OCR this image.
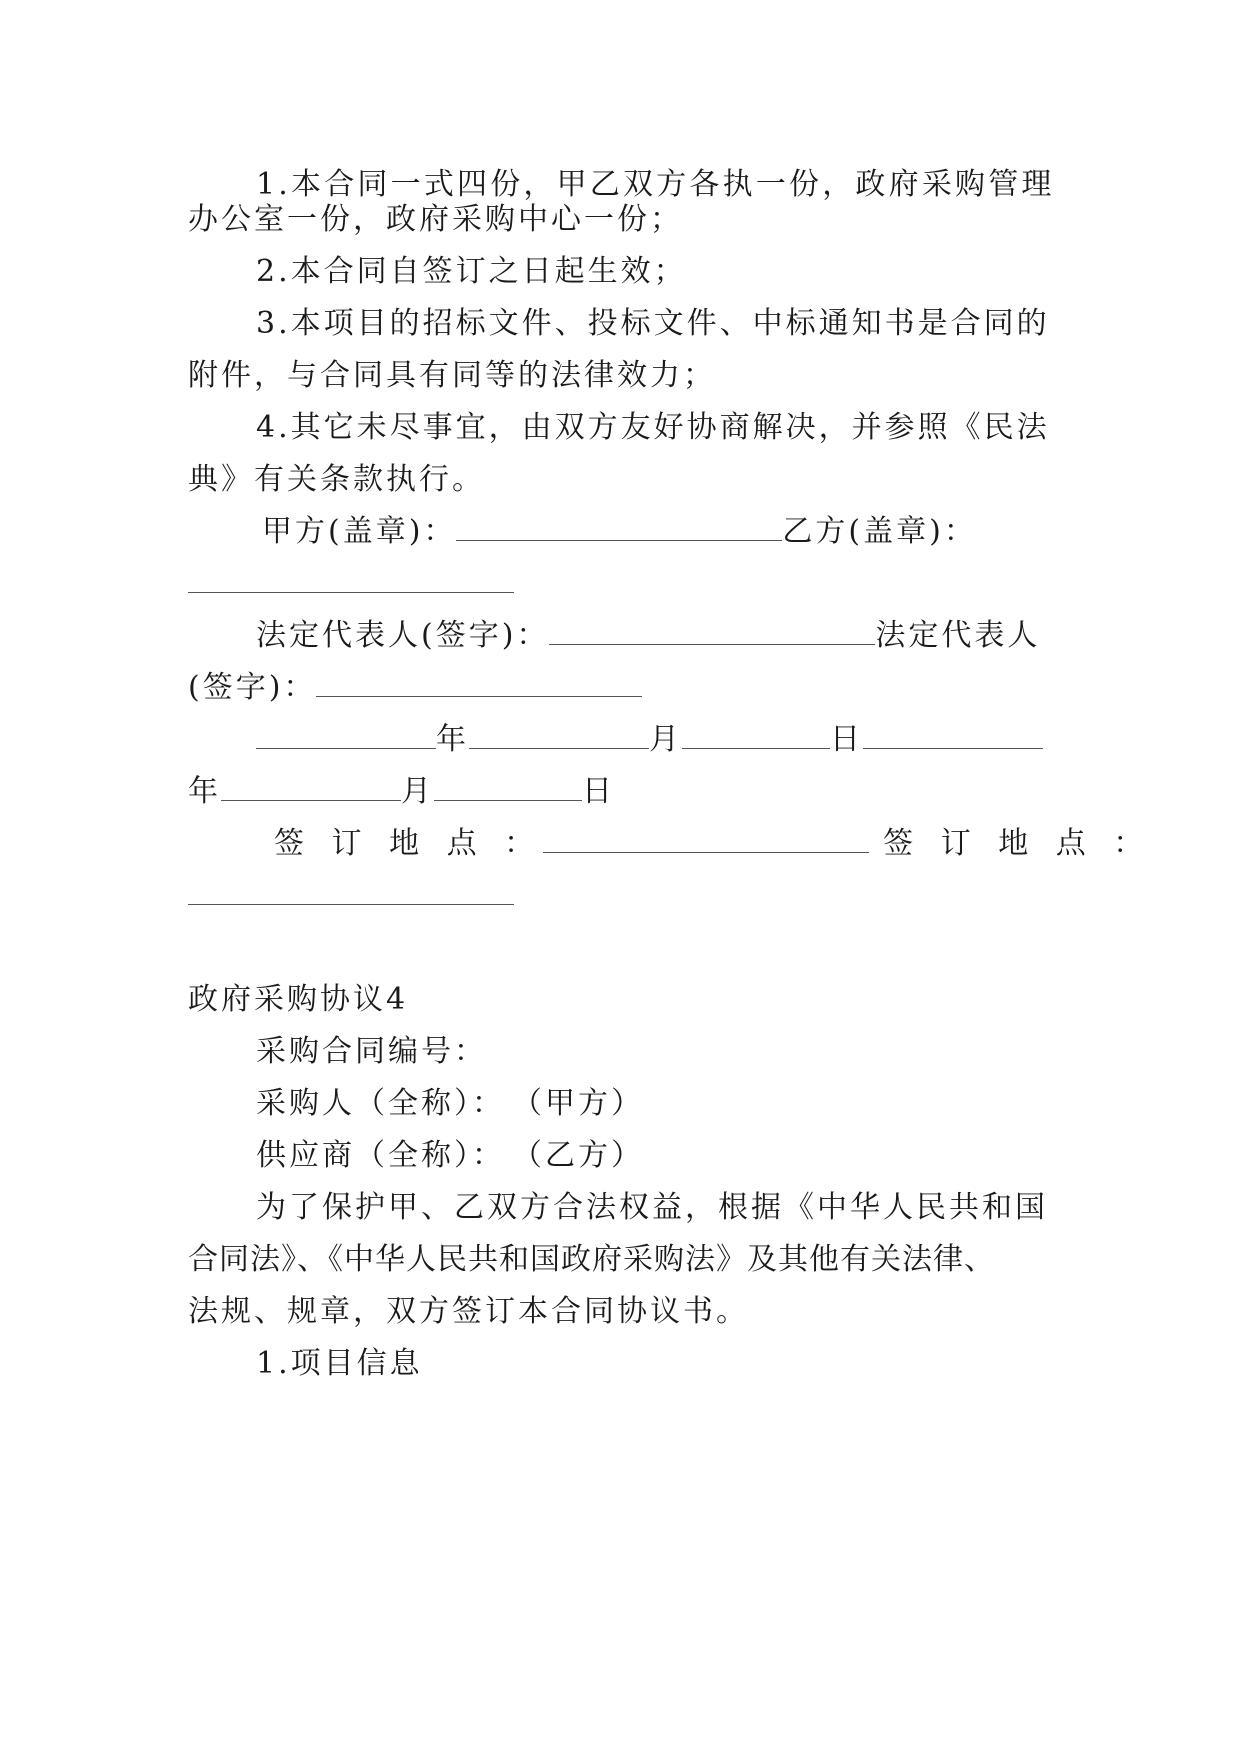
1.本合同一式四份，甲乙双方各执一份，政府采购管理
办公室一份，政府采购中心一份；
2.本合同自签订之日起生效；
3.本项目的招标文件、投标文件、中标通知书是合同的
附件，与合同具有同等的法律效力；
4.其它未尽事宜，由双方友好协商解决，并参照《民法
典》有关条款执行。
甲方(盖章)：	乙方(盖章)：
法定代表人(签字)：	法定代表人
(签字)：
年	月	日
年	月	日
签 订 地 点 ：	签 订 地 点 ：
政府采购协议4
采购合同编号：
采购人（全称）： （甲方）
供应商（全称）： （乙方）
为了保护甲、乙双方合法权益，根据《中华人民共和国
合同法》、《中华人民共和国政府采购法》及其他有关法律、
法规、规章，双方签订本合同协议书。
1.项目信息
